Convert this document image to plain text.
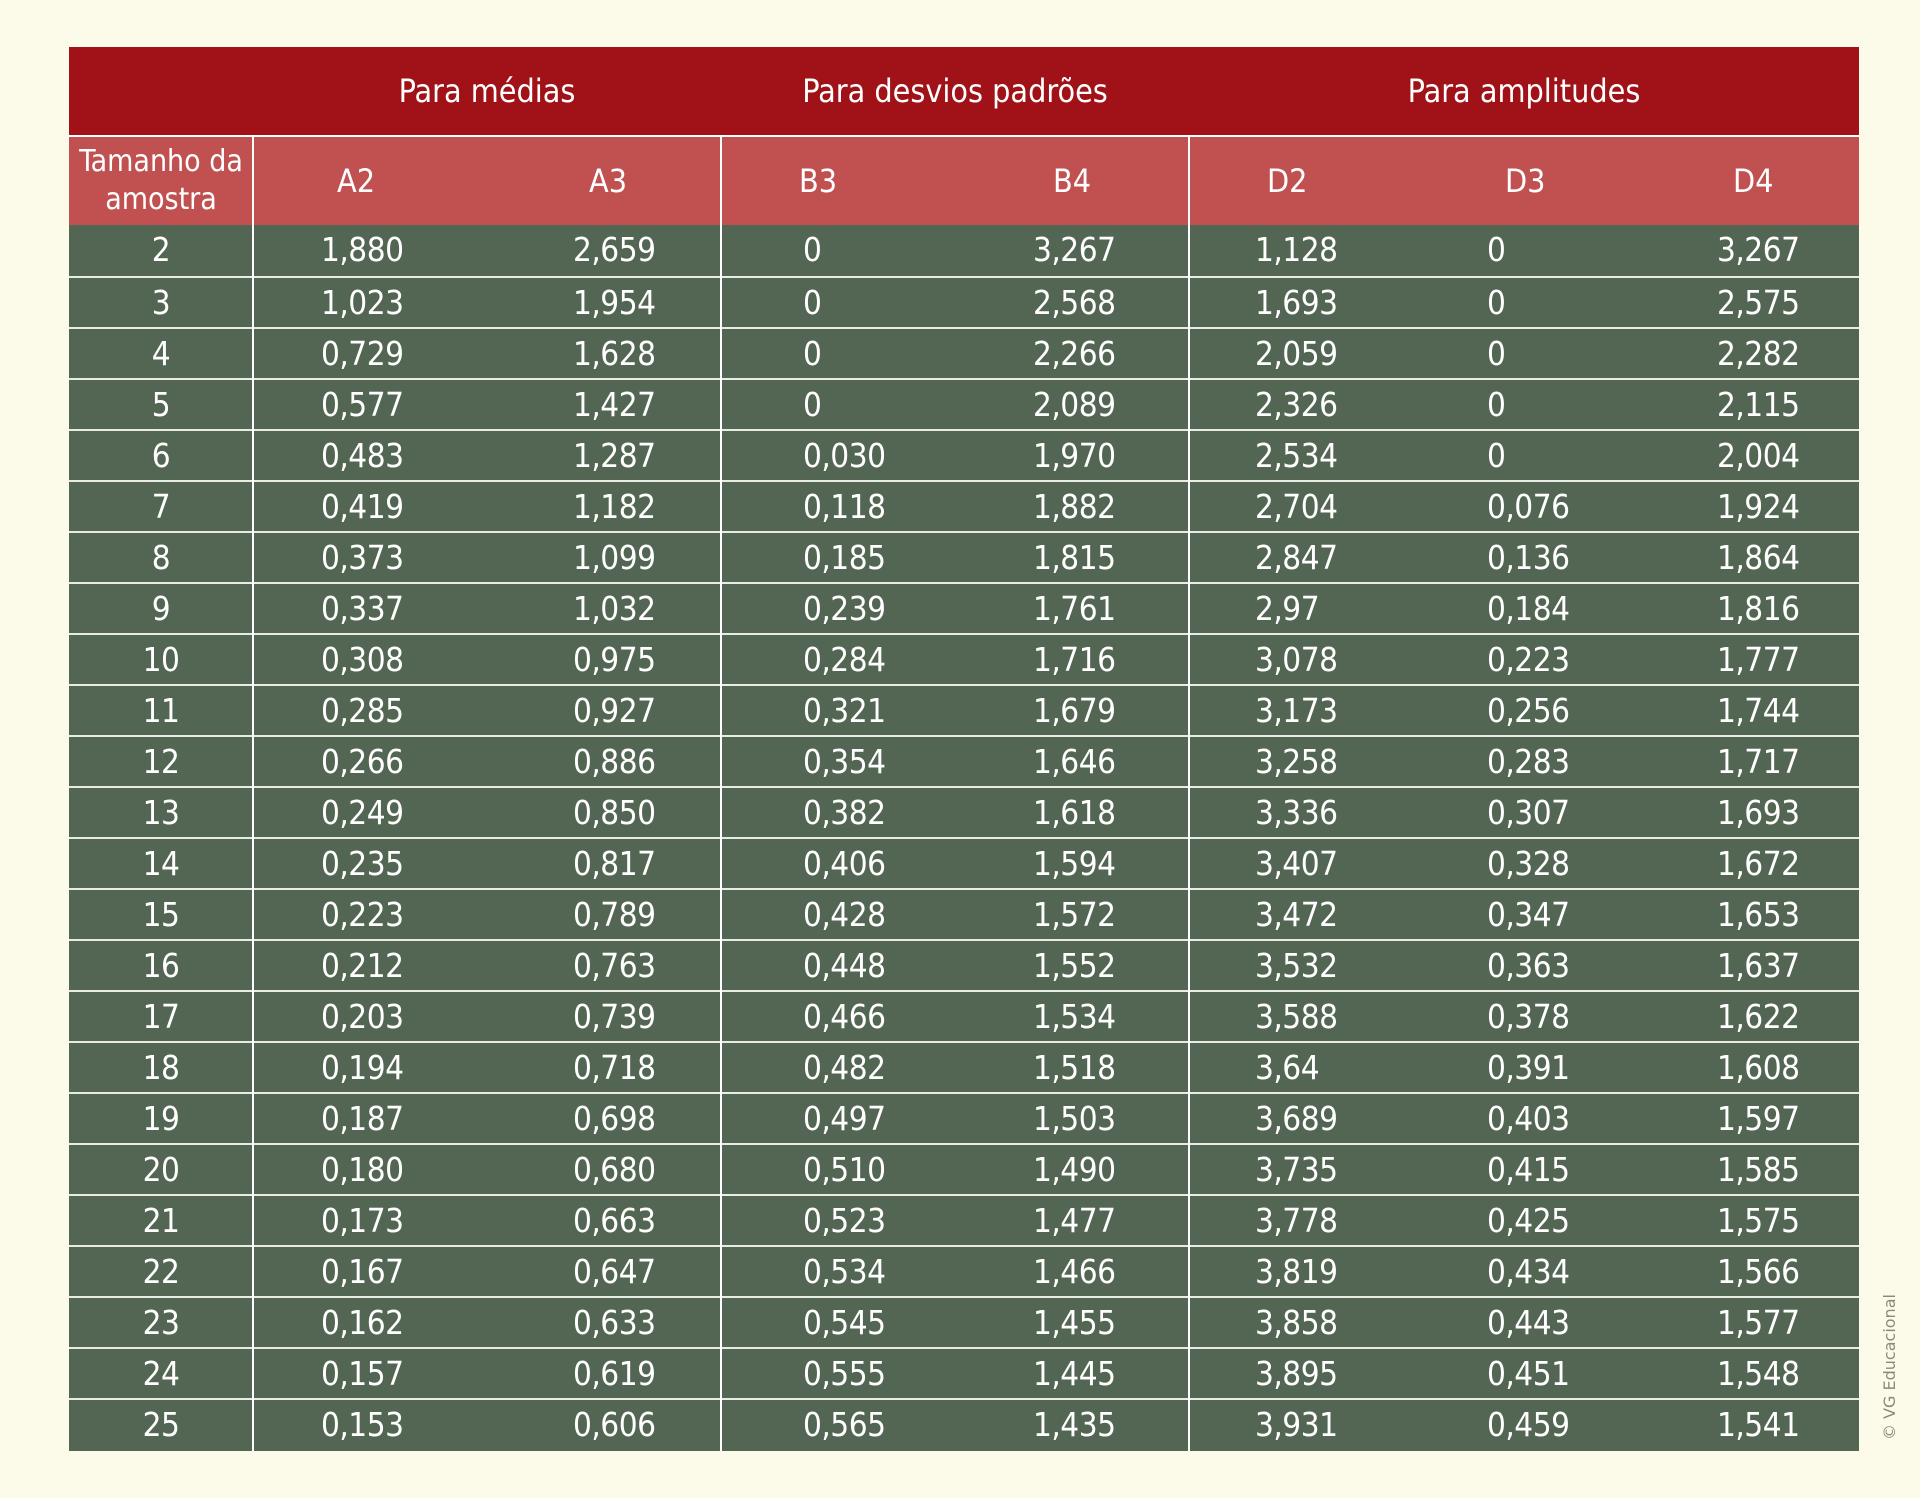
Para médias	Para desvios padrões	Para amplitudes
Tamanho da
amostra	A2	A3	B3	B4	D2	D3	D4
2	1,880	2,659	0	3,267	1,128	0	3,267
3	1,023	1,954	0	2,568	1,693	0	2,575
4	0,729	1,628	0	2,266	2,059	0	2,282
5	0,577	1,427	0	2,089	2,326	0	2,115
6	0,483	1,287	0,030	1,970	2,534	0	2,004
7	0,419	1,182	0,118	1,882	2,704	0,076	1,924
8	0,373	1,099	0,185	1,815	2,847	0,136	1,864
9	0,337	1,032	0,239	1,761	2,97	0,184	1,816
10	0,308	0,975	0,284	1,716	3,078	0,223	1,777
11	0,285	0,927	0,321	1,679	3,173	0,256	1,744
12	0,266	0,886	0,354	1,646	3,258	0,283	1,717
13	0,249	0,850	0,382	1,618	3,336	0,307	1,693
14	0,235	0,817	0,406	1,594	3,407	0,328	1,672
15	0,223	0,789	0,428	1,572	3,472	0,347	1,653
16	0,212	0,763	0,448	1,552	3,532	0,363	1,637
17	0,203	0,739	0,466	1,534	3,588	0,378	1,622
18	0,194	0,718	0,482	1,518	3,64	0,391	1,608
19	0,187	0,698	0,497	1,503	3,689	0,403	1,597
20	0,180	0,680	0,510	1,490	3,735	0,415	1,585
21	0,173	0,663	0,523	1,477	3,778	0,425	1,575
22	0,167	0,647	0,534	1,466	3,819	0,434	1,566
23	0,162	0,633	0,545	1,455	3,858	0,443	1,577
24	0,157	0,619	0,555	1,445	3,895	0,451	1,548
25	0,153	0,606	0,565	1,435	3,931	0,459	1,541	© VG Educacional
